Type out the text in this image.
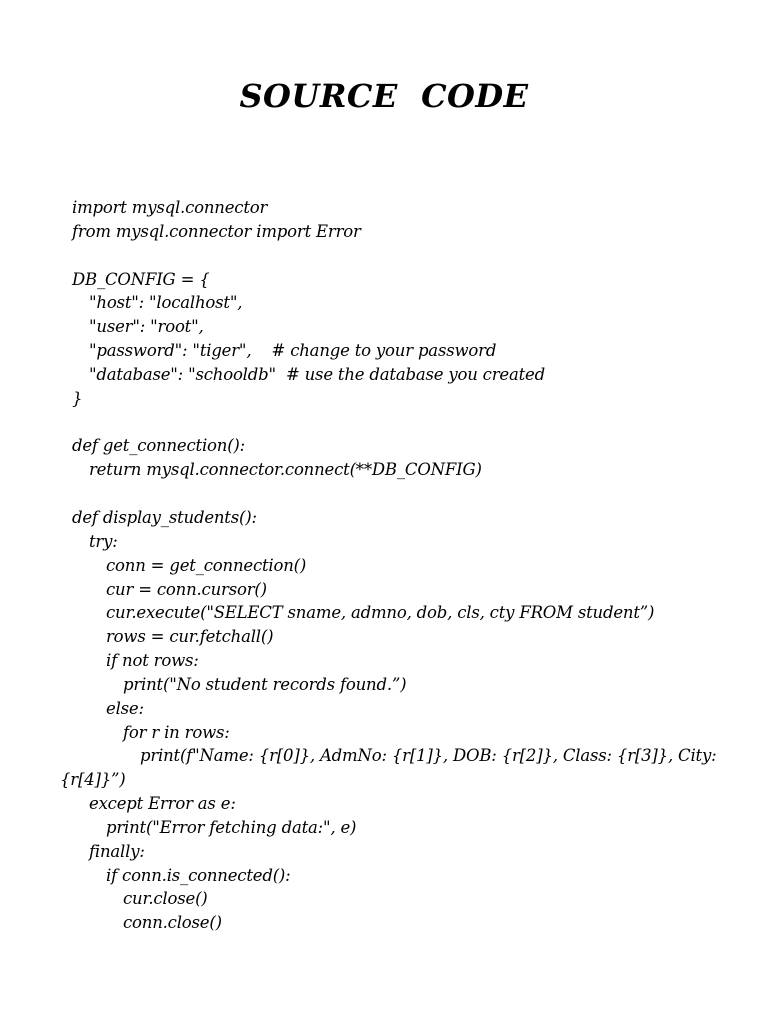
SOURCE  CODE
import mysql.connector
from mysql.connector import Error
DB_CONFIG = {
"host": "localhost",
"user": "root",
"password": "tiger",    # change to your password
"database": "schooldb"  # use the database you created
}
def get_connection():
return mysql.connector.connect(**DB_CONFIG)
def display_students():
try:
conn = get_connection()
cur = conn.cursor()
cur.execute("SELECT sname, admno, dob, cls, cty FROM student”)
rows = cur.fetchall()
if not rows:
print("No student records found.”)
else:
for r in rows:
print(f"Name: {r[0]}, AdmNo: {r[1]}, DOB: {r[2]}, Class: {r[3]}, City:
{r[4]}”)
except Error as e:
print("Error fetching data:", e)
finally:
if conn.is_connected():
cur.close()
conn.close()
